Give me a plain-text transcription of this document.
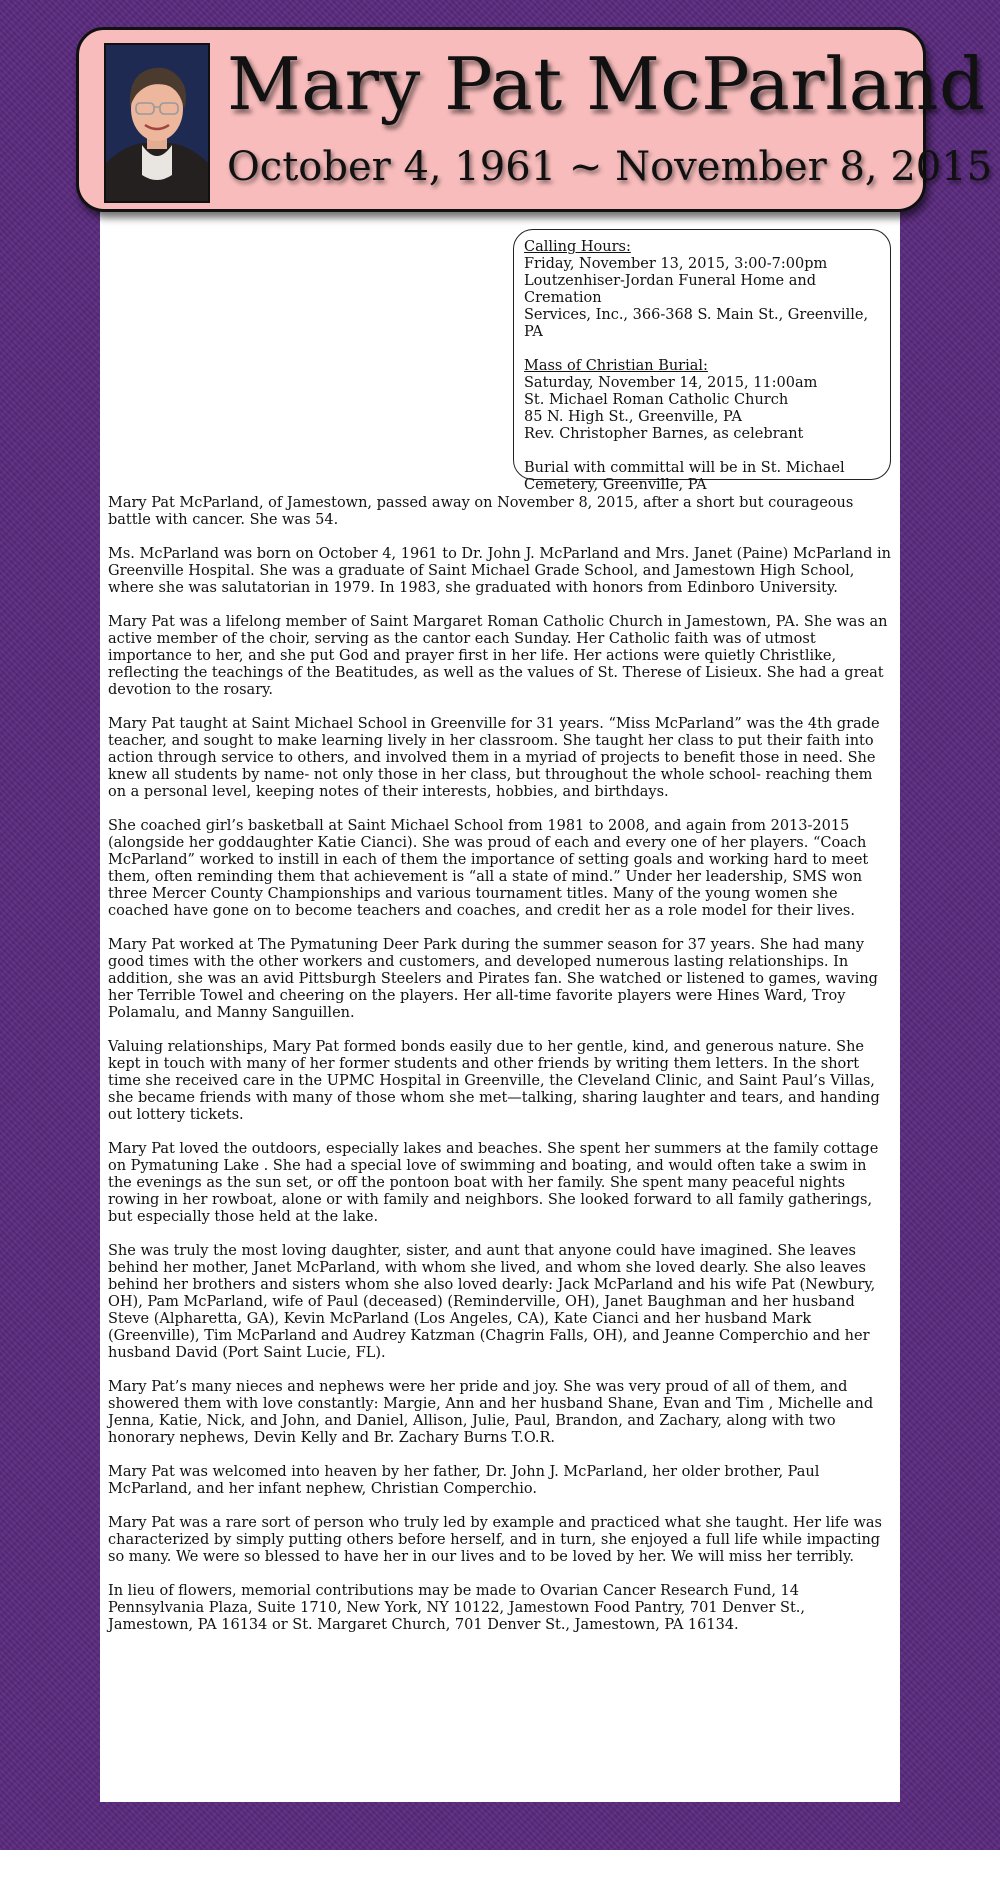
Mary Pat McParland
October 4, 1961 ~ November 8, 2015
Calling Hours:
Friday, November 13, 2015, 3:00-7:00pm
Loutzenhiser-Jordan Funeral Home and Cremation
Services, Inc., 366-368 S. Main St., Greenville, PA
Mass of Christian Burial:
Saturday, November 14, 2015, 11:00am
St. Michael Roman Catholic Church
85 N. High St., Greenville, PA
Rev. Christopher Barnes, as celebrant
Burial with committal will be in St. Michael
Cemetery, Greenville, PA

Mary Pat McParland, of Jamestown, passed away on November 8, 2015, after a short but courageous battle with cancer. She was 54.

Ms. McParland was born on October 4, 1961 to Dr. John J. McParland and Mrs. Janet (Paine) McParland in Greenville Hospital. She was a graduate of Saint Michael Grade School, and Jamestown High School, where she was salutatorian in 1979. In 1983, she graduated with honors from Edinboro University.

Mary Pat was a lifelong member of Saint Margaret Roman Catholic Church in Jamestown, PA. She was an active member of the choir, serving as the cantor each Sunday. Her Catholic faith was of utmost importance to her, and she put God and prayer first in her life. Her actions were quietly Christlike, reflecting the teachings of the Beatitudes, as well as the values of St. Therese of Lisieux. She had a great devotion to the rosary.

Mary Pat taught at Saint Michael School in Greenville for 31 years. “Miss McParland” was the 4th grade teacher, and sought to make learning lively in her classroom. She taught her class to put their faith into action through service to others, and involved them in a myriad of projects to benefit those in need. She knew all students by name- not only those in her class, but throughout the whole school- reaching them on a personal level, keeping notes of their interests, hobbies, and birthdays.

She coached girl’s basketball at Saint Michael School from 1981 to 2008, and again from 2013-2015 (alongside her goddaughter Katie Cianci). She was proud of each and every one of her players. “Coach McParland” worked to instill in each of them the importance of setting goals and working hard to meet them, often reminding them that achievement is “all a state of mind.” Under her leadership, SMS won three Mercer County Championships and various tournament titles. Many of the young women she coached have gone on to become teachers and coaches, and credit her as a role model for their lives.

Mary Pat worked at The Pymatuning Deer Park during the summer season for 37 years. She had many good times with the other workers and customers, and developed numerous lasting relationships. In addition, she was an avid Pittsburgh Steelers and Pirates fan. She watched or listened to games, waving her Terrible Towel and cheering on the players. Her all-time favorite players were Hines Ward, Troy Polamalu, and Manny Sanguillen.

Valuing relationships, Mary Pat formed bonds easily due to her gentle, kind, and generous nature. She kept in touch with many of her former students and other friends by writing them letters. In the short time she received care in the UPMC Hospital in Greenville, the Cleveland Clinic, and Saint Paul’s Villas, she became friends with many of those whom she met—talking, sharing laughter and tears, and handing out lottery tickets.

Mary Pat loved the outdoors, especially lakes and beaches. She spent her summers at the family cottage on Pymatuning Lake . She had a special love of swimming and boating, and would often take a swim in the evenings as the sun set, or off the pontoon boat with her family. She spent many peaceful nights rowing in her rowboat, alone or with family and neighbors. She looked forward to all family gatherings, but especially those held at the lake.

She was truly the most loving daughter, sister, and aunt that anyone could have imagined. She leaves behind her mother, Janet McParland, with whom she lived, and whom she loved dearly. She also leaves behind her brothers and sisters whom she also loved dearly: Jack McParland and his wife Pat (Newbury, OH), Pam McParland, wife of Paul (deceased) (Reminderville, OH), Janet Baughman and her husband Steve (Alpharetta, GA), Kevin McParland (Los Angeles, CA), Kate Cianci and her husband Mark (Greenville), Tim McParland and Audrey Katzman (Chagrin Falls, OH), and Jeanne Comperchio and her husband David (Port Saint Lucie, FL).

Mary Pat’s many nieces and nephews were her pride and joy. She was very proud of all of them, and showered them with love constantly: Margie, Ann and her husband Shane, Evan and Tim , Michelle and Jenna, Katie, Nick, and John, and Daniel, Allison, Julie, Paul, Brandon, and Zachary, along with two honorary nephews, Devin Kelly and Br. Zachary Burns T.O.R.

Mary Pat was welcomed into heaven by her father, Dr. John J. McParland, her older brother, Paul McParland, and her infant nephew, Christian Comperchio.

Mary Pat was a rare sort of person who truly led by example and practiced what she taught. Her life was characterized by simply putting others before herself, and in turn, she enjoyed a full life while impacting so many. We were so blessed to have her in our lives and to be loved by her. We will miss her terribly.

In lieu of flowers, memorial contributions may be made to Ovarian Cancer Research Fund, 14 Pennsylvania Plaza, Suite 1710, New York, NY 10122, Jamestown Food Pantry, 701 Denver St., Jamestown, PA 16134 or St. Margaret Church, 701 Denver St., Jamestown, PA 16134.
